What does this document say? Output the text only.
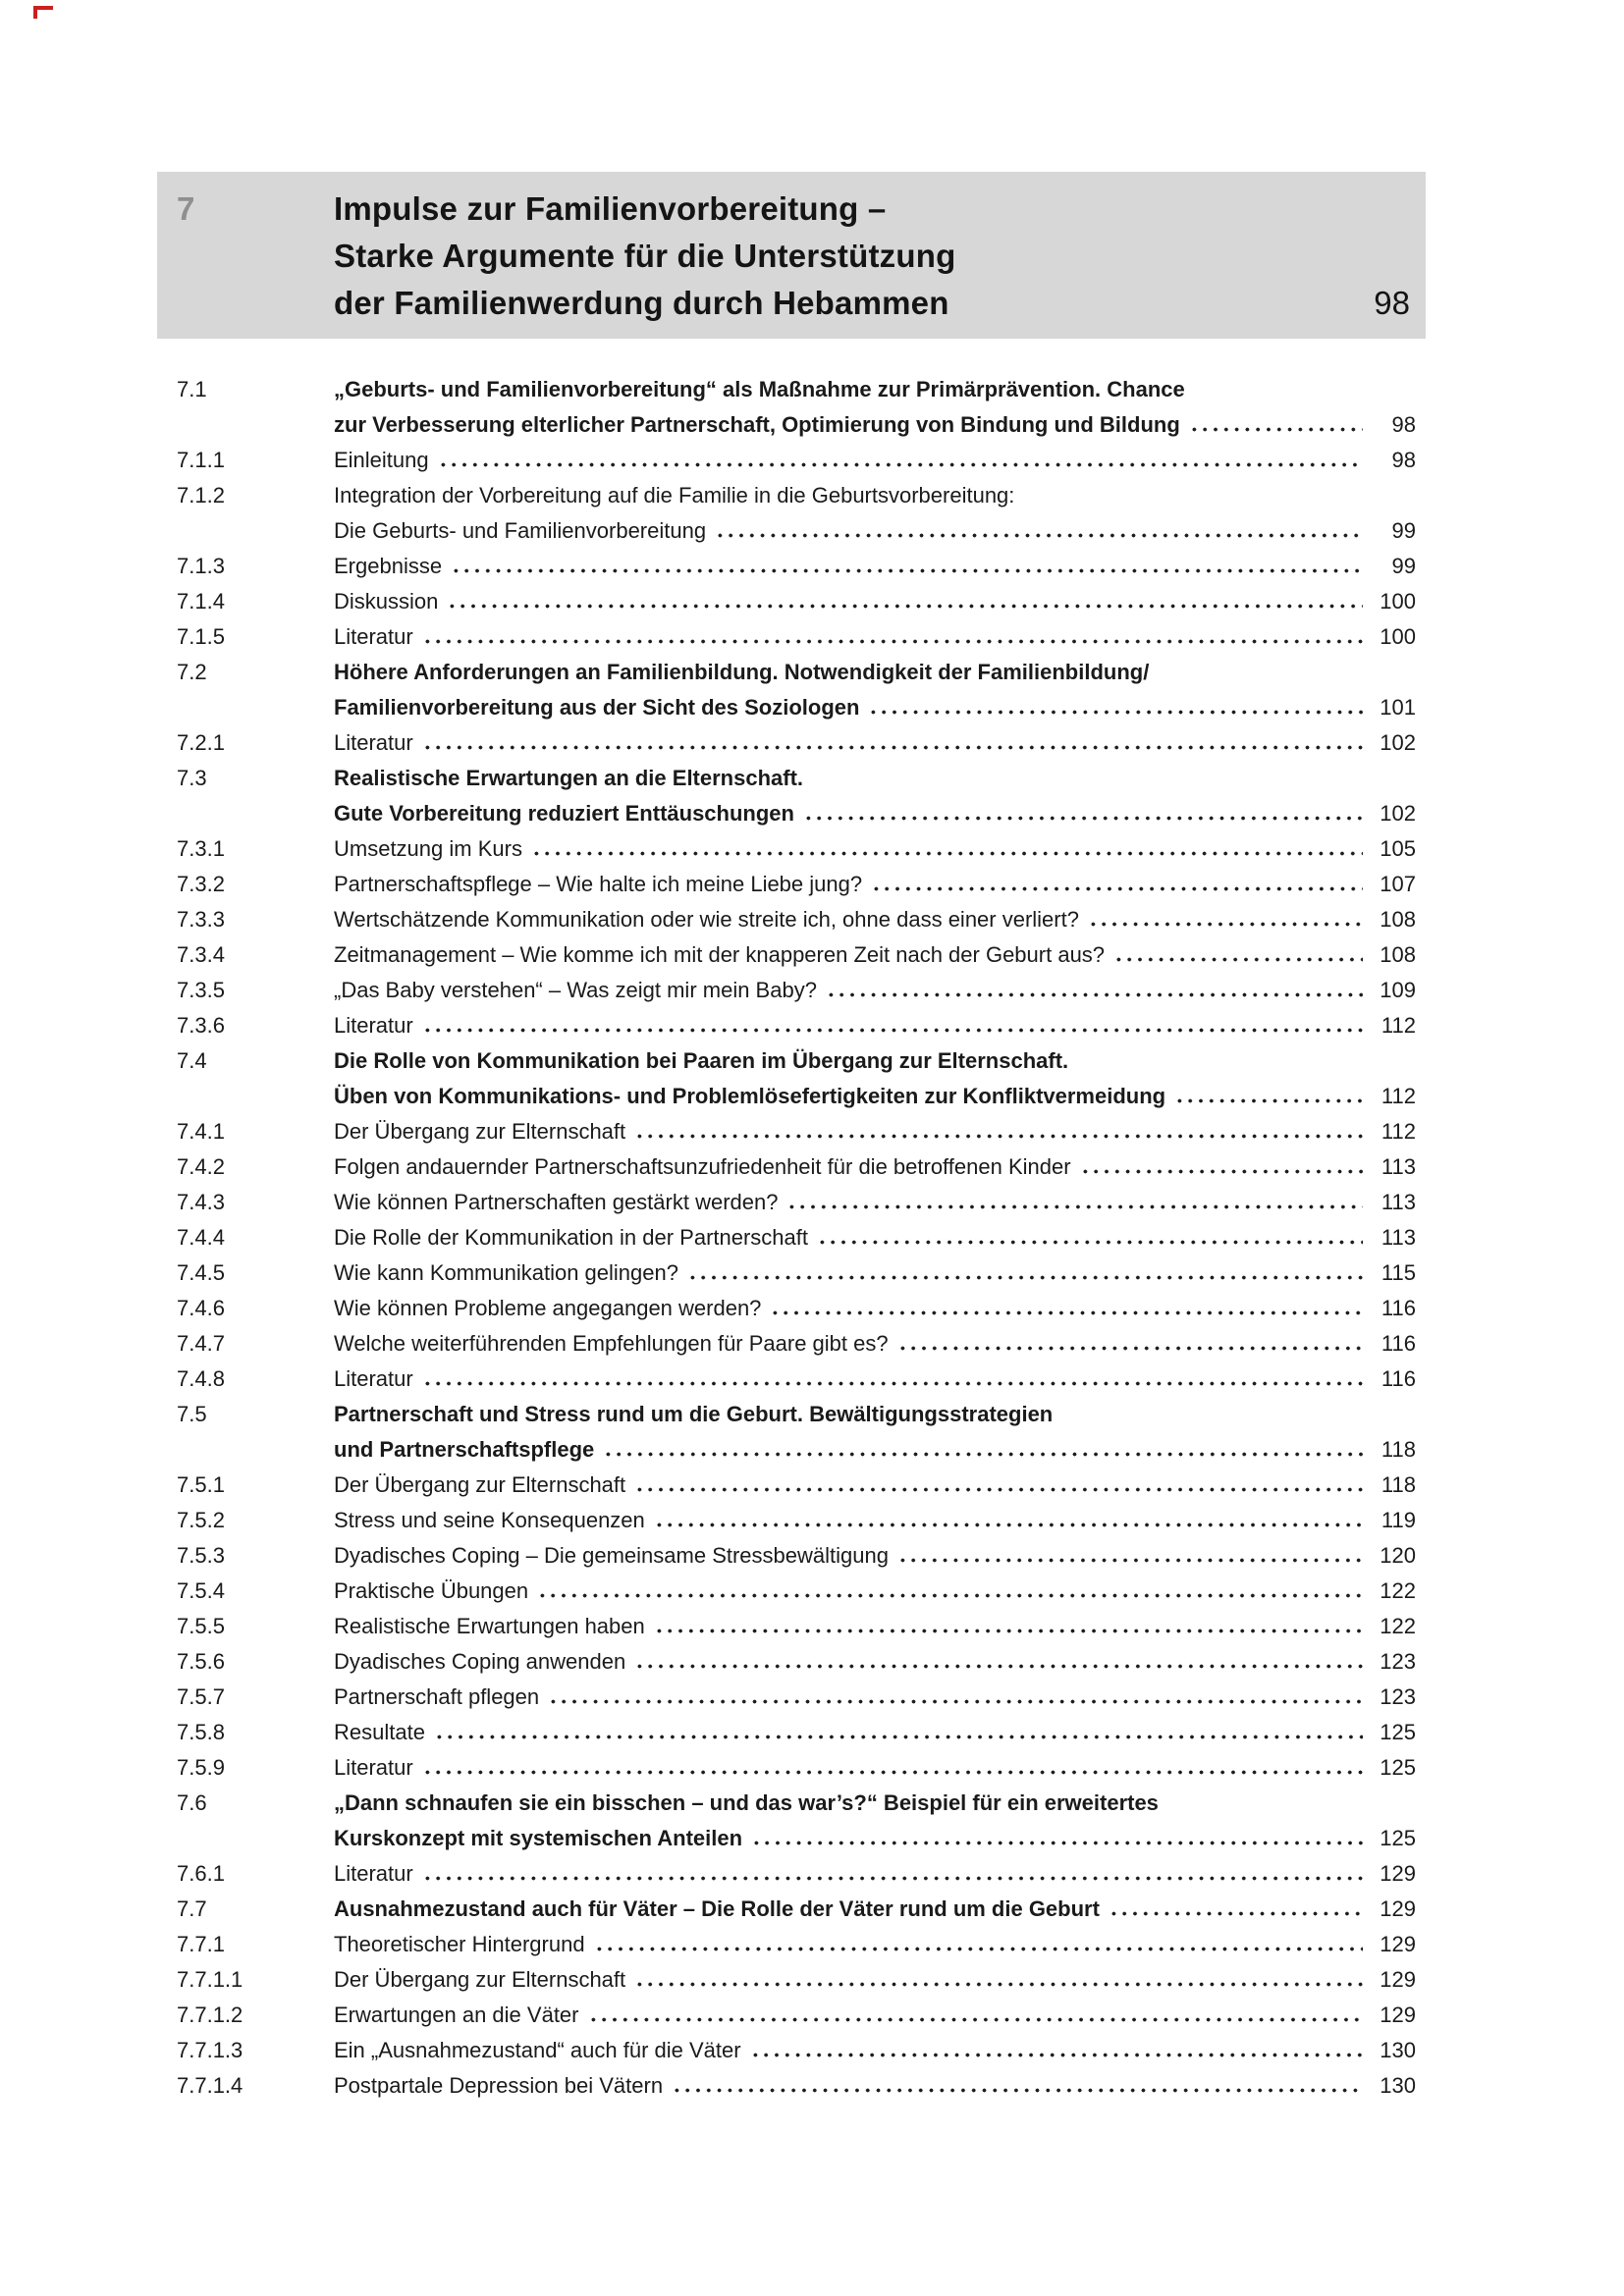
7	Impulse zur Familienvorbereitung –
Starke Argumente für die Unterstützung
der Familienwerdung durch Hebammen	98
7.1	„Geburts- und Familienvorbereitung“ als Maßnahme zur Primärprävention. Chance
zur Verbesserung elterlicher Partnerschaft, Optimierung von Bindung und Bildung	98
7.1.1	Einleitung	98
7.1.2	Integration der Vorbereitung auf die Familie in die Geburtsvorbereitung:
Die Geburts- und Familienvorbereitung	99
7.1.3	Ergebnisse	99
7.1.4	Diskussion	100
7.1.5	Literatur	100
7.2	Höhere Anforderungen an Familienbildung. Notwendigkeit der Familienbildung/
Familienvorbereitung aus der Sicht des Soziologen	101
7.2.1	Literatur	102
7.3	Realistische Erwartungen an die Elternschaft.
Gute Vorbereitung reduziert Enttäuschungen	102
7.3.1	Umsetzung im Kurs	105
7.3.2	Partnerschaftspflege – Wie halte ich meine Liebe jung?	107
7.3.3	Wertschätzende Kommunikation oder wie streite ich, ohne dass einer verliert?	108
7.3.4	Zeitmanagement – Wie komme ich mit der knapperen Zeit nach der Geburt aus?	108
7.3.5	„Das Baby verstehen“ – Was zeigt mir mein Baby?	109
7.3.6	Literatur	112
7.4	Die Rolle von Kommunikation bei Paaren im Übergang zur Elternschaft.
Üben von Kommunikations- und Problemlösefertigkeiten zur Konfliktvermeidung	112
7.4.1	Der Übergang zur Elternschaft	112
7.4.2	Folgen andauernder Partnerschaftsunzufriedenheit für die betroffenen Kinder	113
7.4.3	Wie können Partnerschaften gestärkt werden?	113
7.4.4	Die Rolle der Kommunikation in der Partnerschaft	113
7.4.5	Wie kann Kommunikation gelingen?	115
7.4.6	Wie können Probleme angegangen werden?	116
7.4.7	Welche weiterführenden Empfehlungen für Paare gibt es?	116
7.4.8	Literatur	116
7.5	Partnerschaft und Stress rund um die Geburt. Bewältigungsstrategien
und Partnerschaftspflege	118
7.5.1	Der Übergang zur Elternschaft	118
7.5.2	Stress und seine Konsequenzen	119
7.5.3	Dyadisches Coping – Die gemeinsame Stressbewältigung	120
7.5.4	Praktische Übungen	122
7.5.5	Realistische Erwartungen haben	122
7.5.6	Dyadisches Coping anwenden	123
7.5.7	Partnerschaft pflegen	123
7.5.8	Resultate	125
7.5.9	Literatur	125
7.6	„Dann schnaufen sie ein bisschen – und das war’s?“ Beispiel für ein erweitertes
Kurskonzept mit systemischen Anteilen	125
7.6.1	Literatur	129
7.7	Ausnahmezustand auch für Väter – Die Rolle der Väter rund um die Geburt	129
7.7.1	Theoretischer Hintergrund	129
7.7.1.1	Der Übergang zur Elternschaft	129
7.7.1.2	Erwartungen an die Väter	129
7.7.1.3	Ein „Ausnahmezustand“ auch für die Väter	130
7.7.1.4	Postpartale Depression bei Vätern	130
